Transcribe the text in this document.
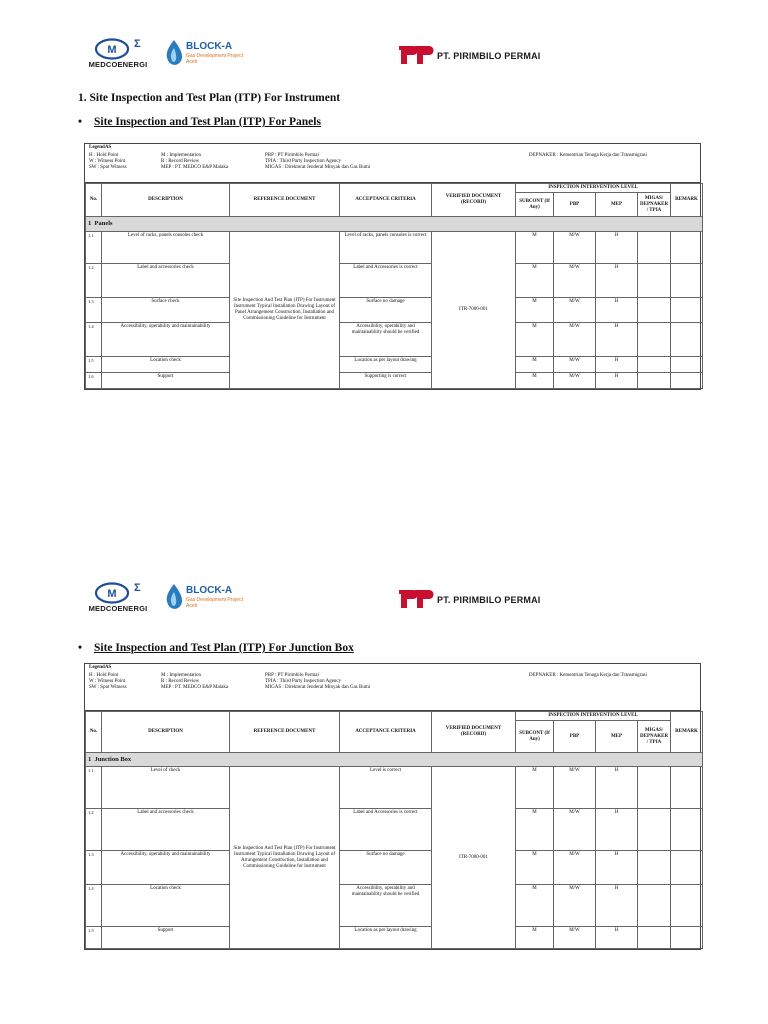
M Σ
MEDCOENERGI
BLOCK-A
Gas Development Project Aceh
PT. PIRIMBILO PERMAI
1. Site Inspection and Test Plan (ITP) For Instrument
• Site Inspection and Test Plan (ITP) For Panels
LegendAS
H : Hold Point
W : Witness Point
SW : Spot Witness
M : Implementation
R : Record Review
MEP : PT. MEDCO E&P Malaka
PBP : PT Pirimbilo Permai
TPIA : Third Party Inspection Agency
MIGAS : Direktorat Jenderal Minyak dan Gas Bumi
DEPNAKER : Kementrian Tenaga Kerja dan Transmigrasi
No.	DESCRIPTION	REFERENCE DOCUMENT	ACCEPTANCE CRITERIA	VERIFIED DOCUMENT (RECORD)	INSPECTION INTERVENTION LEVEL				REMARK
					SUBCONT (If Any)	PBP	MEP	MIGAS/ DEPNAKER / TPIA	
1 Panels									
1.1	Level of racks, panels consoles check	Site Inspection And Test Plan (ITP) For Instrument Instrument Typical Installation Drawing Layout of Panel Arrangement Construction, Installation and Commissioning Guideline for Instrument	Level of racks, panels consoles is correct	ITR-7000-001	M	M/W	H		
1.2	Label and accessories check		Label and Accessories is correct		M	M/W	H		
1.3	Surface check		Surface no damage		M	M/W	H		
1.4	Accessibility, operability and maintainability		Accessibility, operability and maintainability should be verified		M	M/W	H		
1.5	Location check		Location as per layout drawing		M	M/W	H		
1.6	Support		Supporting is correct		M	M/W	H		
M Σ
MEDCOENERGI
BLOCK-A
Gas Development Project Aceh
PT. PIRIMBILO PERMAI
• Site Inspection and Test Plan (ITP) For Junction Box
LegendAS
H : Hold Point
W : Witness Point
SW : Spot Witness
M : Implementation
R : Record Review
MEP : PT. MEDCO E&P Malaka
PBP : PT Pirimbilo Permai
TPIA : Third Party Inspection Agency
MIGAS : Direktorat Jenderal Minyak dan Gas Bumi
DEPNAKER : Kementrian Tenaga Kerja dan Transmigrasi
No.	DESCRIPTION	REFERENCE DOCUMENT	ACCEPTANCE CRITERIA	VERIFIED DOCUMENT (RECORD)	INSPECTION INTERVENTION LEVEL				REMARK
					SUBCONT (If Any)	PBP	MEP	MIGAS/ DEPNAKER / TPIA	
1 Junction Box									
1.1	Level of check	Site Inspection And Test Plan (ITP) For Instrument Instrument Typical Installation Drawing Layout of Arrangement Construction, Installation and Commissioning Guideline for Instrument	Level is correct	ITR-7000-001	M	M/W	H		
1.2	Label and accessories check		Label and Accessories is correct		M	M/W	H		
1.3	Accessibility, operability and maintainability		Surface no damage		M	M/W	H		
1.4	Location check		Accessibility, operability and maintainability should be verified		M	M/W	H		
1.5	Support		Location as per layout drawing		M	M/W	H		
